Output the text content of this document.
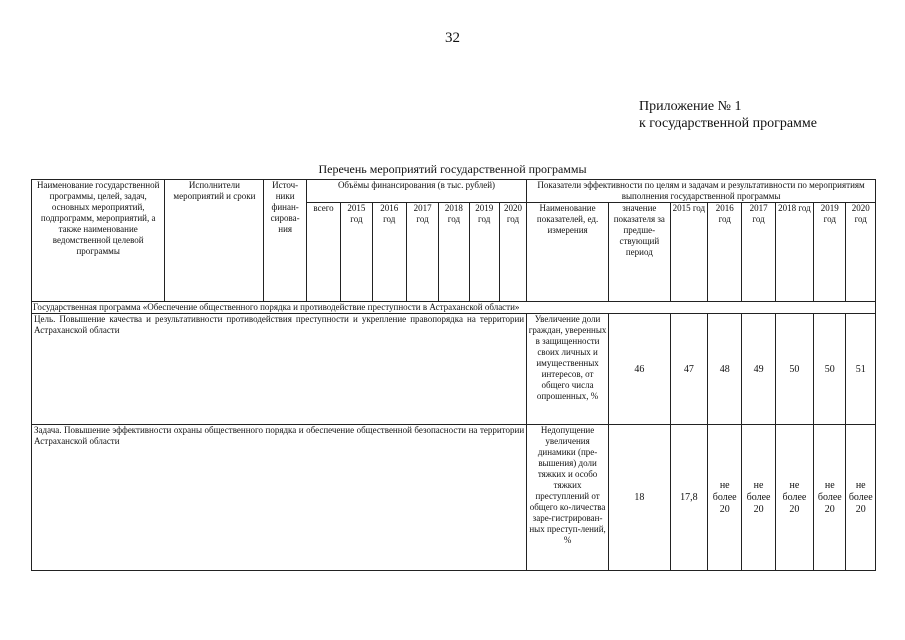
32
Приложение № 1
к государственной программе
Перечень мероприятий государственной программы
Наименование государственной программы, целей, задач, основных мероприятий, подпрограмм, мероприятий, а также наименование ведомственной целевой программы	Исполнители мероприятий и сроки	Источ-ники финан-сирова-ния	Объёмы финансирования (в тыс. рублей)							Показатели эффективности по целям и задачам и результативности по мероприятиям выполнения государственной программы							
			всего	2015 год	2016 год	2017 год	2018 год	2019 год	2020 год	Наименование показателей, ед. измерения	значение показателя за предше-ствующий период	2015 год	2016 год	2017 год	2018 год	2019 год	2020 год
Государственная программа «Обеспечение общественного порядка и противодействие преступности в Астраханской области»																	
Цель. Повышение качества и результативности противодействия преступности и укрепление правопорядка на территории Астраханской области										Увеличение доли граждан, уверенных в защищенности своих личных и имущественных интересов, от общего числа опрошенных, %	46	47	48	49	50	50	51
Задача. Повышение эффективности охраны общественного порядка и обеспечение общественной безопасности на территории Астраханской области										Недопущение увеличения динамики (пре-вышения) доли тяжких и особо тяжких преступлений от общего ко-личества заре-гистрирован-ных преступ-лений, %	18	17,8	не более 20	не более 20	не более 20	не более 20	не более 20
